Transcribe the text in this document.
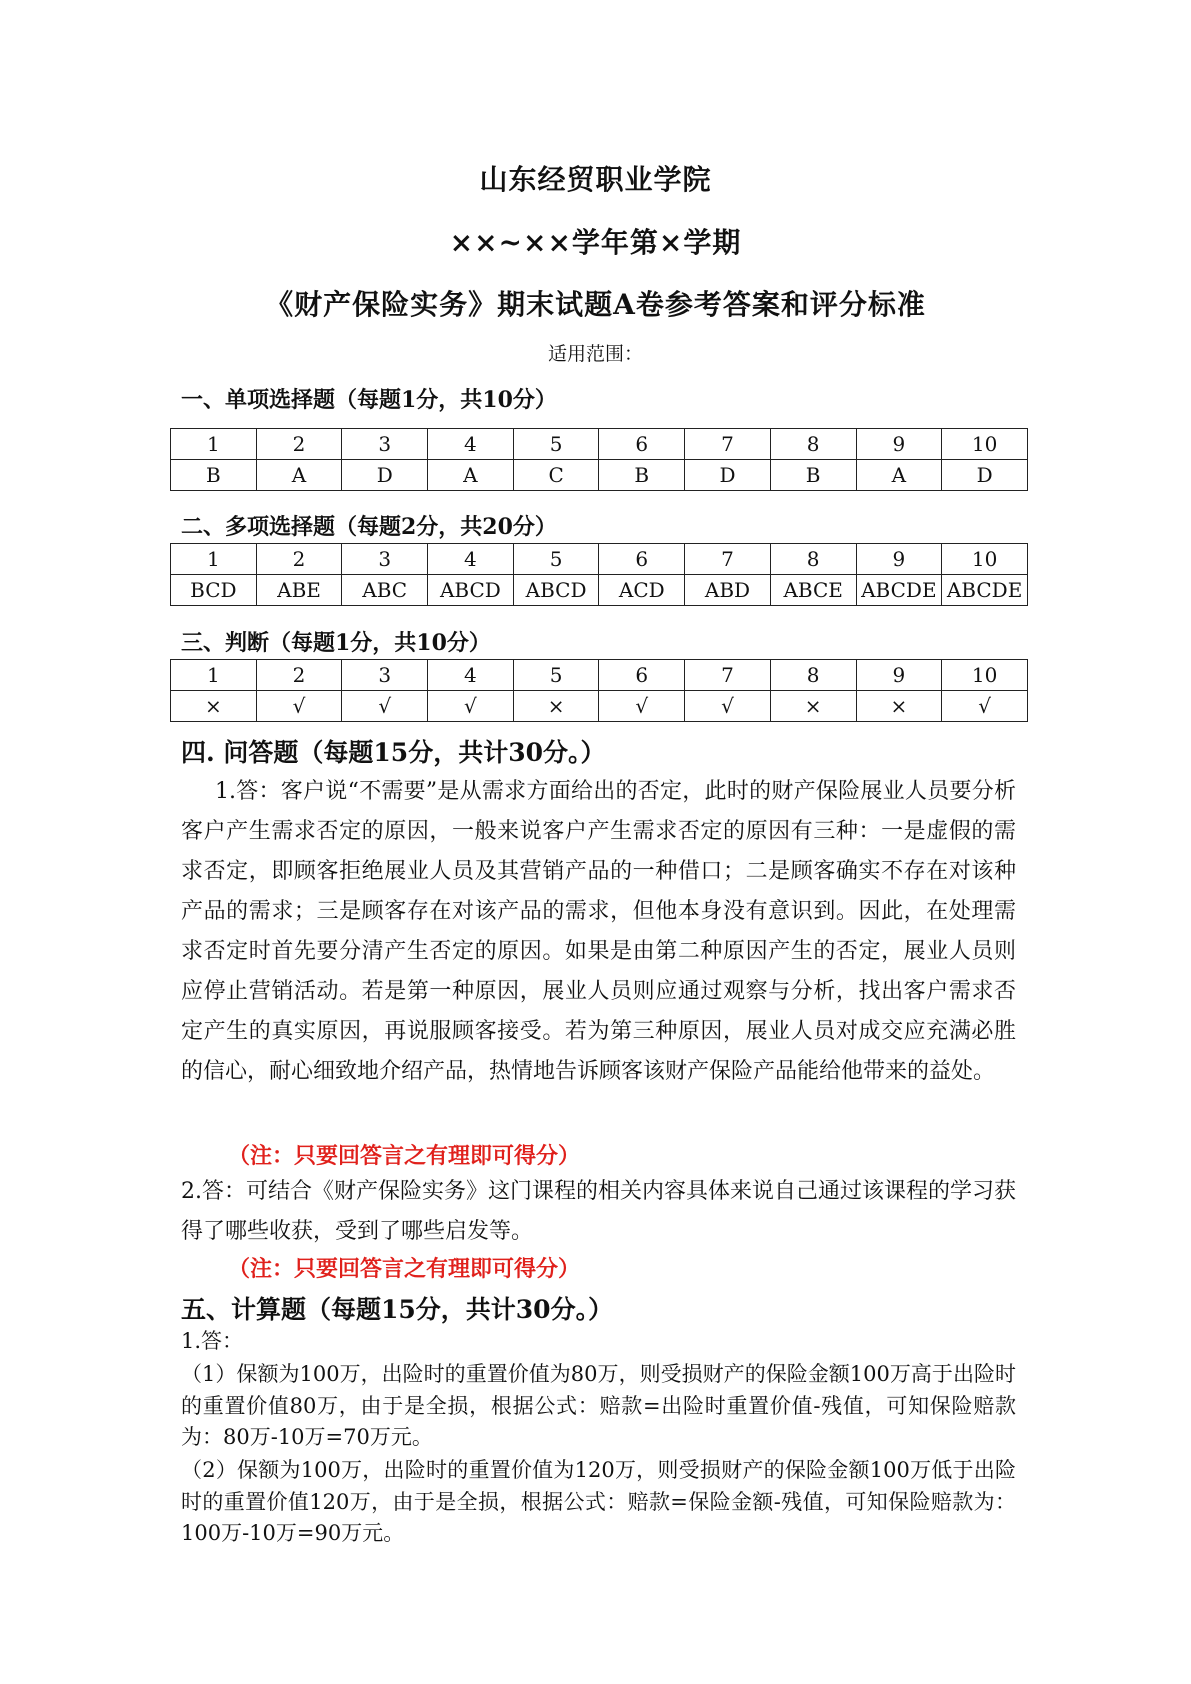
山东经贸职业学院
××~××学年第×学期
《财产保险实务》期末试题A卷参考答案和评分标准
适用范围：
一、单项选择题（每题1分，共10分）
1	2	3	4	5	6	7	8	9	10
B	A	D	A	C	B	D	B	A	D
二、多项选择题（每题2分，共20分）
1	2	3	4	5	6	7	8	9	10
BCD	ABE	ABC	ABCD	ABCD	ACD	ABD	ABCE	ABCDE	ABCDE
三、判断（每题1分，共10分）
1	2	3	4	5	6	7	8	9	10
×	√	√	√	×	√	√	×	×	√
四. 问答题（每题15分，共计30分。）
1.答：客户说“不需要”是从需求方面给出的否定，此时的财产保险展业人员要分析客户产生需求否定的原因，一般来说客户产生需求否定的原因有三种：一是虚假的需求否定，即顾客拒绝展业人员及其营销产品的一种借口；二是顾客确实不存在对该种产品的需求；三是顾客存在对该产品的需求，但他本身没有意识到。因此，在处理需求否定时首先要分清产生否定的原因。如果是由第二种原因产生的否定，展业人员则应停止营销活动。若是第一种原因，展业人员则应通过观察与分析，找出客户需求否定产生的真实原因，再说服顾客接受。若为第三种原因，展业人员对成交应充满必胜的信心，耐心细致地介绍产品，热情地告诉顾客该财产保险产品能给他带来的益处。
（注：只要回答言之有理即可得分）
2.答：可结合《财产保险实务》这门课程的相关内容具体来说自己通过该课程的学习获得了哪些收获，受到了哪些启发等。
（注：只要回答言之有理即可得分）
五、计算题（每题15分，共计30分。）
1.答：
（1）保额为100万，出险时的重置价值为80万，则受损财产的保险金额100万高于出险时的重置价值80万，由于是全损，根据公式：赔款=出险时重置价值-残值，可知保险赔款为：80万-10万=70万元。
（2）保额为100万，出险时的重置价值为120万，则受损财产的保险金额100万低于出险时的重置价值120万，由于是全损，根据公式：赔款=保险金额-残值，可知保险赔款为：100万-10万=90万元。
